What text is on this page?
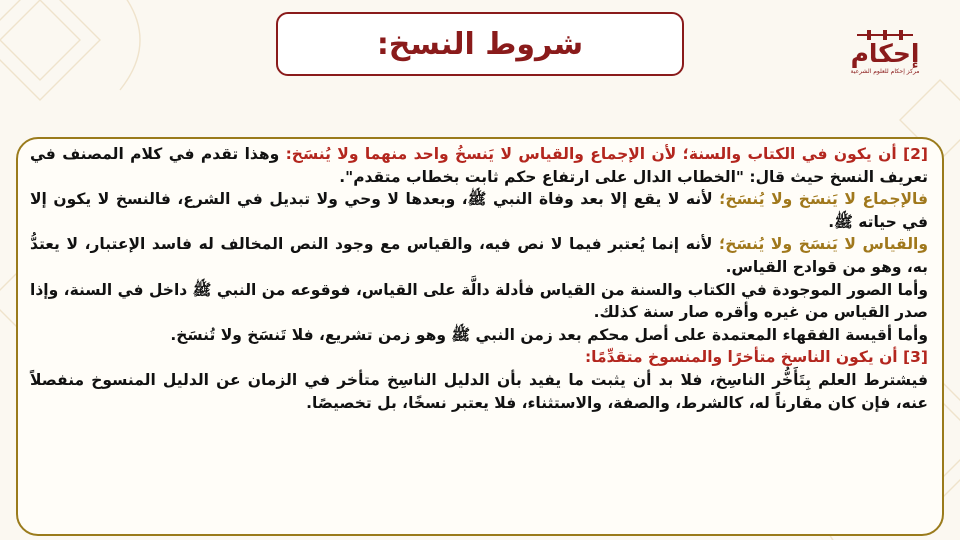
شروط النسخ:	إحكام
مركز إحكام للعلوم الشرعية

[2] أن يكون في الكتاب والسنة؛ لأن الإجماع والقياس لا يَنسخُ واحد منهما ولا يُنسَخ: وهذا تقدم في كلام المصنف في تعريف النسخ حيث قال: "الخطاب الدال على ارتفاع حكم ثابت بخطاب متقدم".

فالإجماع لا يَنسَخ ولا يُنسَخ؛ لأنه لا يقع إلا بعد وفاة النبي ﷺ، وبعدها لا وحي ولا تبديل في الشرع، فالنسخ لا يكون إلا في حياته ﷺ.

والقياس لا يَنسَخ ولا يُنسَخ؛ لأنه إنما يُعتبر فيما لا نص فيه، والقياس مع وجود النص المخالف له فاسد الإعتبار، لا يعتدُّ به، وهو من قوادح القياس.

وأما الصور الموجودة في الكتاب والسنة من القياس فأدلة دالَّة على القياس، فوقوعه من النبي ﷺ داخل في السنة، وإذا صدر القياس من غيره وأقره صار سنة كذلك.

وأما أقيسة الفقهاء المعتمدة على أصل محكم بعد زمن النبي ﷺ وهو زمن تشريع، فلا تَنسَخ ولا تُنسَخ.

[3] أن يكون الناسخ متأخرًا والمنسوخ متقدِّمًا:

فيشترط العلم بِتَأَخُّر الناسِخ، فلا بد أن يثبت ما يفيد بأن الدليل الناسِخ متأخر في الزمان عن الدليل المنسوخ منفصلاً عنه، فإن كان مقارناً له، كالشرط، والصفة، والاستثناء، فلا يعتبر نسخًا، بل تخصيصًا.
